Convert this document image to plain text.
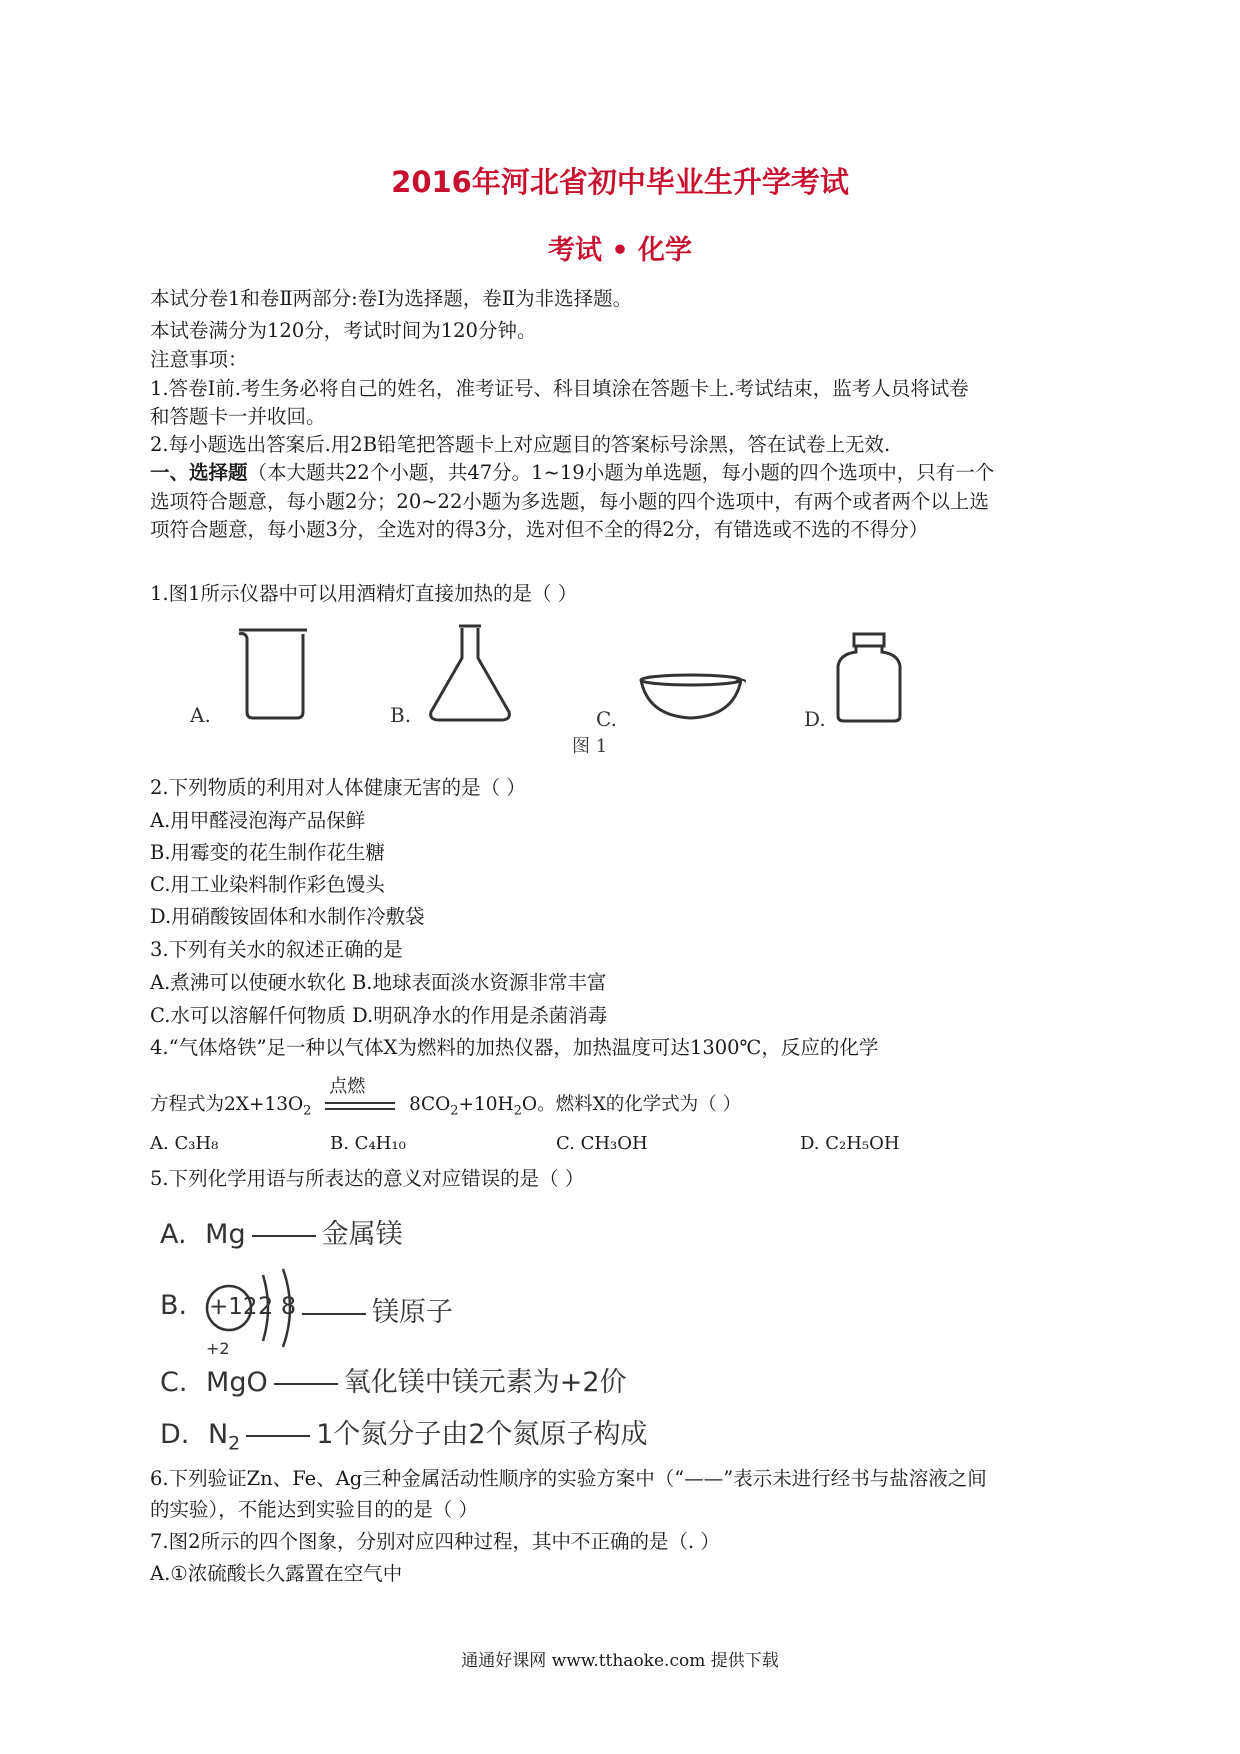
2016年河北省初中毕业生升学考试
考试 • 化学
本试分卷1和卷Ⅱ两部分:卷Ⅰ为选择题，卷Ⅱ为非选择题。
本试卷满分为120分，考试时间为120分钟。
注意事项：
1.答卷Ⅰ前.考生务必将自己的姓名，准考证号、科目填涂在答题卡上.考试结束，监考人员将试卷
和答题卡一并收回。
2.每小题选出答案后.用2B铅笔把答题卡上对应题目的答案标号涂黑，答在试卷上无效.
一、选择题（本大题共22个小题，共47分。1~19小题为单选题，每小题的四个选项中，只有一个
选项符合题意，每小题2分；20~22小题为多选题，每小题的四个选项中，有两个或者两个以上选
项符合题意，每小题3分，全选对的得3分，选对但不全的得2分，有错选或不选的不得分）
1.图1所示仪器中可以用酒精灯直接加热的是（ ）
A.	B.	C.	D.
图 1
2.下列物质的利用对人体健康无害的是（ ）
A.用甲醛浸泡海产品保鲜
B.用霉变的花生制作花生糖
C.用工业染料制作彩色馒头
D.用硝酸铵固体和水制作冷敷袋
3.下列有关水的叙述正确的是
A.煮沸可以使硬水软化 B.地球表面淡水资源非常丰富
C.水可以溶解仟何物质 D.明矾净水的作用是杀菌消毒
4.“气体烙铁”足一种以气体X为燃料的加热仪器，加热温度可达1300℃，反应的化学
方程式为$2X+13O_2$
点燃
$8CO_2+10H_2O$。燃料X的化学式为（ ）
A. C₃H₈	B. C₄H₁₀	C. CH₃OH	D. C₂H₅OH
5.下列化学用语与所表达的意义对应错误的是（ ）
A. Mg	金属镁
B. +12 2 8	镁原子
+2
C. MgO	氧化镁中镁元素为+2价
D. $N_2$	1个氮分子由2个氮原子构成
6.下列验证Zn、Fe、Ag三种金属活动性顺序的实验方案中（“——”表示未进行经书与盐溶液之间
的实验），不能达到实验目的的是（ ）
7.图2所示的四个图象，分别对应四种过程，其中不正确的是（. ）
A.①浓硫酸长久露置在空气中
通通好课网 www.tthaoke.com 提供下载
